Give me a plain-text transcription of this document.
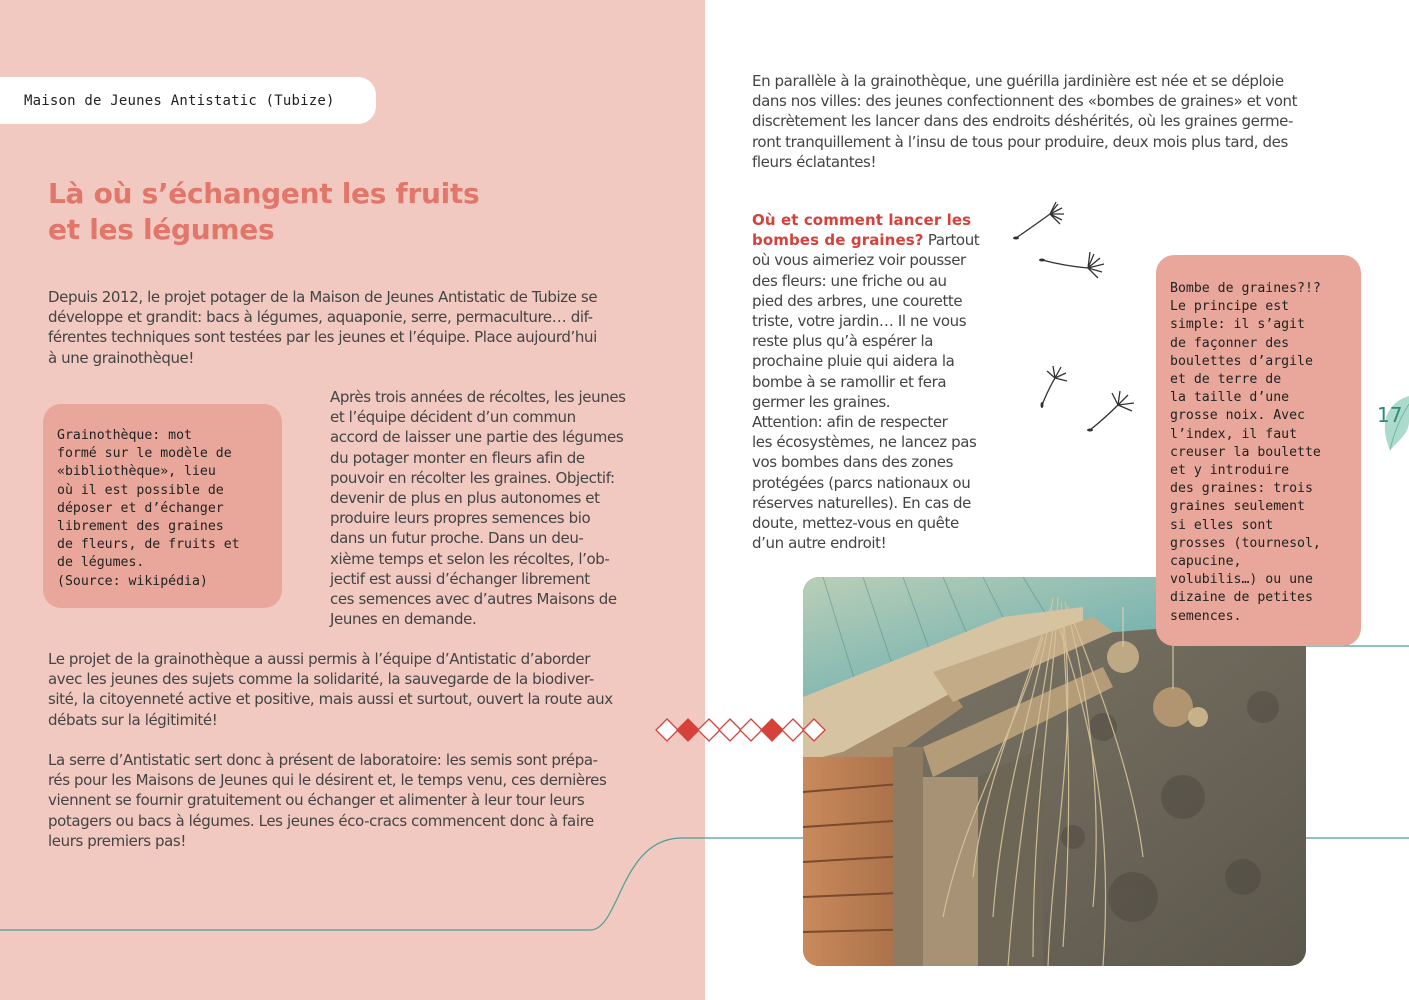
Maison de Jeunes Antistatic (Tubize)
Là où s’échangent les fruits
et les légumes
Depuis 2012, le projet potager de la Maison de Jeunes Antistatic de Tubize se
développe et grandit: bacs à légumes, aquaponie, serre, permaculture… dif-
férentes techniques sont testées par les jeunes et l’équipe. Place aujourd’hui
à une grainothèque!
Grainothèque: mot
formé sur le modèle de
«bibliothèque», lieu
où il est possible de
déposer et d’échanger
librement des graines
de fleurs, de fruits et
de légumes.
(Source: wikipédia)
Après trois années de récoltes, les jeunes
et l’équipe décident d’un commun
accord de laisser une partie des légumes
du potager monter en fleurs afin de
pouvoir en récolter les graines. Objectif:
devenir de plus en plus autonomes et
produire leurs propres semences bio
dans un futur proche. Dans un deu-
xième temps et selon les récoltes, l’ob-
jectif est aussi d’échanger librement
ces semences avec d’autres Maisons de
Jeunes en demande.
Le projet de la grainothèque a aussi permis à l’équipe d’Antistatic d’aborder
avec les jeunes des sujets comme la solidarité, la sauvegarde de la biodiver-
sité, la citoyenneté active et positive, mais aussi et surtout, ouvert la route aux
débats sur la légitimité!
La serre d’Antistatic sert donc à présent de laboratoire: les semis sont prépa-
rés pour les Maisons de Jeunes qui le désirent et, le temps venu, ces dernières
viennent se fournir gratuitement ou échanger et alimenter à leur tour leurs
potagers ou bacs à légumes. Les jeunes éco-cracs commencent donc à faire
leurs premiers pas!
En parallèle à la grainothèque, une guérilla jardinière est née et se déploie
dans nos villes: des jeunes confectionnent des «bombes de graines» et vont
discrètement les lancer dans des endroits déshérités, où les graines germe-
ront tranquillement à l’insu de tous pour produire, deux mois plus tard, des
fleurs éclatantes!
Où et comment lancer les
bombes de graines? Partout
où vous aimeriez voir pousser
des fleurs: une friche ou au
pied des arbres, une courette
triste, votre jardin… Il ne vous
reste plus qu’à espérer la
prochaine pluie qui aidera la
bombe à se ramollir et fera
germer les graines.
Attention: afin de respecter
les écosystèmes, ne lancez pas
vos bombes dans des zones
protégées (parcs nationaux ou
réserves naturelles). En cas de
doute, mettez-vous en quête
d’un autre endroit!
Bombe de graines?!?
Le principe est
simple: il s’agit
de façonner des
boulettes d’argile
et de terre de
la taille d’une
grosse noix. Avec
l’index, il faut
creuser la boulette
et y introduire
des graines: trois
graines seulement
si elles sont
grosses (tournesol,
capucine,
volubilis…) ou une
dizaine de petites
semences.
17
